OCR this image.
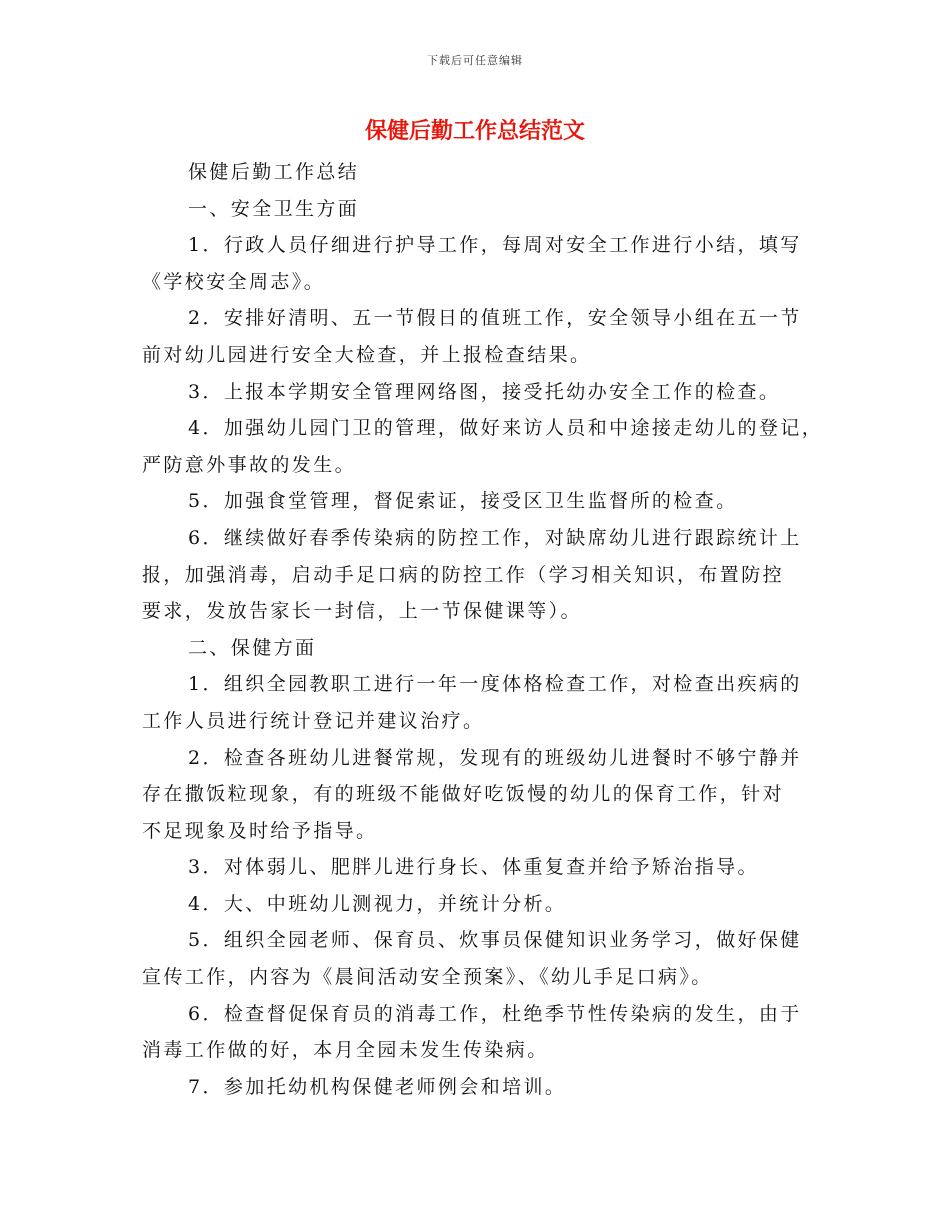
下载后可任意编辑
保健后勤工作总结范文
保健后勤工作总结
一、安全卫生方面
1．行政人员仔细进行护导工作，每周对安全工作进行小结，填写
《学校安全周志》。
2．安排好清明、五一节假日的值班工作，安全领导小组在五一节
前对幼儿园进行安全大检查，并上报检查结果。
3．上报本学期安全管理网络图，接受托幼办安全工作的检查。
4．加强幼儿园门卫的管理，做好来访人员和中途接走幼儿的登记，
严防意外事故的发生。
5．加强食堂管理，督促索证，接受区卫生监督所的检查。
6．继续做好春季传染病的防控工作，对缺席幼儿进行跟踪统计上
报，加强消毒，启动手足口病的防控工作（学习相关知识，布置防控
要求，发放告家长一封信，上一节保健课等）。
二、保健方面
1．组织全园教职工进行一年一度体格检查工作，对检查出疾病的
工作人员进行统计登记并建议治疗。
2．检查各班幼儿进餐常规，发现有的班级幼儿进餐时不够宁静并
存在撒饭粒现象，有的班级不能做好吃饭慢的幼儿的保育工作，针对
不足现象及时给予指导。
3．对体弱儿、肥胖儿进行身长、体重复查并给予矫治指导。
4．大、中班幼儿测视力，并统计分析。
5．组织全园老师、保育员、炊事员保健知识业务学习，做好保健
宣传工作，内容为《晨间活动安全预案》、《幼儿手足口病》。
6．检查督促保育员的消毒工作，杜绝季节性传染病的发生，由于
消毒工作做的好，本月全园未发生传染病。
7．参加托幼机构保健老师例会和培训。
